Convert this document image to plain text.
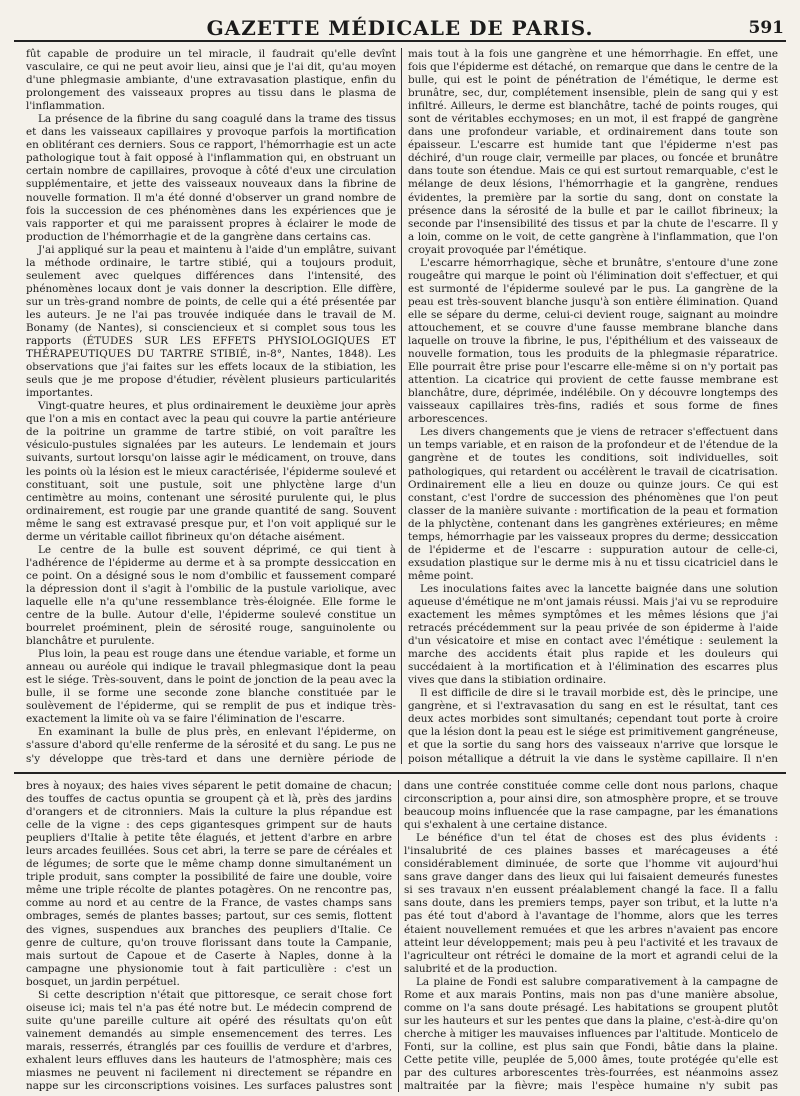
GAZETTE MÉDICALE DE PARIS.	591

fût capable de produire un tel miracle, il faudrait qu'elle devînt vasculaire, ce qui ne peut avoir lieu, ainsi que je l'ai dit, qu'au moyen d'une phlegmasie ambiante, d'une extravasation plastique, enfin du prolongement des vaisseaux propres au tissu dans le plasma de l'inflammation.

La présence de la fibrine du sang coagulé dans la trame des tissus et dans les vaisseaux capillaires y provoque parfois la mortification en oblitérant ces derniers. Sous ce rapport, l'hémorrhagie est un acte pathologique tout à fait opposé à l'inflammation qui, en obstruant un certain nombre de capillaires, provoque à côté d'eux une circulation supplémentaire, et jette des vaisseaux nouveaux dans la fibrine de nouvelle formation. Il m'a été donné d'observer un grand nombre de fois la succession de ces phénomènes dans les expériences que je vais rapporter et qui me paraissent propres à éclairer le mode de production de l'hémorrhagie et de la gangrène dans certains cas.

J'ai appliqué sur la peau et maintenu à l'aide d'un emplâtre, suivant la méthode ordinaire, le tartre stibié, qui a toujours produit, seulement avec quelques différences dans l'intensité, des phénomènes locaux dont je vais donner la description. Elle diffère, sur un très-grand nombre de points, de celle qui a été présentée par les auteurs. Je ne l'ai pas trouvée indiquée dans le travail de M. Bonamy (de Nantes), si consciencieux et si complet sous tous les rapports (ÉTUDES SUR LES EFFETS PHYSIOLOGIQUES ET THÉRAPEUTIQUES DU TARTRE STIBIÉ, in-8°, Nantes, 1848). Les observations que j'ai faites sur les effets locaux de la stibiation, les seuls que je me propose d'étudier, révèlent plusieurs particularités importantes.

Vingt-quatre heures, et plus ordinairement le deuxième jour après que l'on a mis en contact avec la peau qui couvre la partie antérieure de la poitrine un gramme de tartre stibié, on voit paraître les vésiculo-pustules signalées par les auteurs. Le lendemain et jours suivants, surtout lorsqu'on laisse agir le médicament, on trouve, dans les points où la lésion est le mieux caractérisée, l'épiderme soulevé et constituant, soit une pustule, soit une phlyctène large d'un centimètre au moins, contenant une sérosité purulente qui, le plus ordinairement, est rougie par une grande quantité de sang. Souvent même le sang est extravasé presque pur, et l'on voit appliqué sur le derme un véritable caillot fibrineux qu'on détache aisément.

Le centre de la bulle est souvent déprimé, ce qui tient à l'adhérence de l'épiderme au derme et à sa prompte dessiccation en ce point. On a désigné sous le nom d'ombilic et faussement comparé la dépression dont il s'agit à l'ombilic de la pustule variolique, avec laquelle elle n'a qu'une ressemblance très-éloignée. Elle forme le centre de la bulle. Autour d'elle, l'épiderme soulevé constitue un bourrelet proéminent, plein de sérosité rouge, sanguinolente ou blanchâtre et purulente.

Plus loin, la peau est rouge dans une étendue variable, et forme un anneau ou auréole qui indique le travail phlegmasique dont la peau est le siége. Très-souvent, dans le point de jonction de la peau avec la bulle, il se forme une seconde zone blanche constituée par le soulèvement de l'épiderme, qui se remplit de pus et indique très-exactement la limite où va se faire l'élimination de l'escarre.

En examinant la bulle de plus près, en enlevant l'épiderme, on s'assure d'abord qu'elle renferme de la sérosité et du sang. Le pus ne s'y développe que très-tard et dans une dernière période de

mais tout à la fois une gangrène et une hémorrhagie. En effet, une fois que l'épiderme est détaché, on remarque que dans le centre de la bulle, qui est le point de pénétration de l'émétique, le derme est brunâtre, sec, dur, complétement insensible, plein de sang qui y est infiltré. Ailleurs, le derme est blanchâtre, taché de points rouges, qui sont de véritables ecchymoses; en un mot, il est frappé de gangrène dans une profondeur variable, et ordinairement dans toute son épaisseur. L'escarre est humide tant que l'épiderme n'est pas déchiré, d'un rouge clair, vermeille par places, ou foncée et brunâtre dans toute son étendue. Mais ce qui est surtout remarquable, c'est le mélange de deux lésions, l'hémorrhagie et la gangrène, rendues évidentes, la première par la sortie du sang, dont on constate la présence dans la sérosité de la bulle et par le caillot fibrineux; la seconde par l'insensibilité des tissus et par la chute de l'escarre. Il y a loin, comme on le voit, de cette gangrène à l'inflammation, que l'on croyait provoquée par l'émétique.

L'escarre hémorrhagique, sèche et brunâtre, s'entoure d'une zone rougeâtre qui marque le point où l'élimination doit s'effectuer, et qui est surmonté de l'épiderme soulevé par le pus. La gangrène de la peau est très-souvent blanche jusqu'à son entière élimination. Quand elle se sépare du derme, celui-ci devient rouge, saignant au moindre attouchement, et se couvre d'une fausse membrane blanche dans laquelle on trouve la fibrine, le pus, l'épithélium et des vaisseaux de nouvelle formation, tous les produits de la phlegmasie réparatrice. Elle pourrait être prise pour l'escarre elle-même si on n'y portait pas attention. La cicatrice qui provient de cette fausse membrane est blanchâtre, dure, déprimée, indélébile. On y découvre longtemps des vaisseaux capillaires très-fins, radiés et sous forme de fines arborescences.

Les divers changements que je viens de retracer s'effectuent dans un temps variable, et en raison de la profondeur et de l'étendue de la gangrène et de toutes les conditions, soit individuelles, soit pathologiques, qui retardent ou accélèrent le travail de cicatrisation. Ordinairement elle a lieu en douze ou quinze jours. Ce qui est constant, c'est l'ordre de succession des phénomènes que l'on peut classer de la manière suivante : mortification de la peau et formation de la phlyctène, contenant dans les gangrènes extérieures; en même temps, hémorrhagie par les vaisseaux propres du derme; dessiccation de l'épiderme et de l'escarre : suppuration autour de celle-ci, exsudation plastique sur le derme mis à nu et tissu cicatriciel dans le même point.

Les inoculations faites avec la lancette baignée dans une solution aqueuse d'émétique ne m'ont jamais réussi. Mais j'ai vu se reproduire exactement les mêmes symptômes et les mêmes lésions que j'ai retracés précédemment sur la peau privée de son épiderme à l'aide d'un vésicatoire et mise en contact avec l'émétique : seulement la marche des accidents était plus rapide et les douleurs qui succédaient à la mortification et à l'élimination des escarres plus vives que dans la stibiation ordinaire.

Il est difficile de dire si le travail morbide est, dès le principe, une gangrène, et si l'extravasation du sang en est le résultat, tant ces deux actes morbides sont simultanés; cependant tout porte à croire que la lésion dont la peau est le siége est primitivement gangréneuse, et que la sortie du sang hors des vaisseaux n'arrive que lorsque le poison métallique a détruit la vie dans le système capillaire. Il n'en

bres à noyaux; des haies vives séparent le petit domaine de chacun; des touffes de cactus opuntia se groupent çà et là, près des jardins d'orangers et de citronniers. Mais la culture la plus répandue est celle de la vigne : des ceps gigantesques grimpent sur de hauts peupliers d'Italie à petite tête élagués, et jettent d'arbre en arbre leurs arcades feuillées. Sous cet abri, la terre se pare de céréales et de légumes; de sorte que le même champ donne simultanément un triple produit, sans compter la possibilité de faire une double, voire même une triple récolte de plantes potagères. On ne rencontre pas, comme au nord et au centre de la France, de vastes champs sans ombrages, semés de plantes basses; partout, sur ces semis, flottent des vignes, suspendues aux branches des peupliers d'Italie. Ce genre de culture, qu'on trouve florissant dans toute la Campanie, mais surtout de Capoue et de Caserte à Naples, donne à la campagne une physionomie tout à fait particulière : c'est un bosquet, un jardin perpétuel.

Si cette description n'était que pittoresque, ce serait chose fort oiseuse ici; mais tel n'a pas été notre but. Le médecin comprend de suite qu'une pareille culture ait opéré des résultats qu'on eût vainement demandés au simple ensemencement des terres. Les marais, resserrés, étranglés par ces fouillis de verdure et d'arbres, exhalent leurs effluves dans les hauteurs de l'atmosphère; mais ces miasmes ne peuvent ni facilement ni directement se répandre en nappe sur les circonscriptions voisines. Les surfaces palustres sont

dans une contrée constituée comme celle dont nous parlons, chaque circonscription a, pour ainsi dire, son atmosphère propre, et se trouve beaucoup moins influencée que la rase campagne, par les émanations qui s'exhalent à une certaine distance.

Le bénéfice d'un tel état de choses est des plus évidents : l'insalubrité de ces plaines basses et marécageuses a été considérablement diminuée, de sorte que l'homme vit aujourd'hui sans grave danger dans des lieux qui lui faisaient demeurés funestes si ses travaux n'en eussent préalablement changé la face. Il a fallu sans doute, dans les premiers temps, payer son tribut, et la lutte n'a pas été tout d'abord à l'avantage de l'homme, alors que les terres étaient nouvellement remuées et que les arbres n'avaient pas encore atteint leur développement; mais peu à peu l'activité et les travaux de l'agriculteur ont rétréci le domaine de la mort et agrandi celui de la salubrité et de la production.

La plaine de Fondi est salubre comparativement à la campagne de Rome et aux marais Pontins, mais non pas d'une manière absolue, comme on l'a sans doute présagé. Les habitations se groupent plutôt sur les hauteurs et sur les pentes que dans la plaine, c'est-à-dire qu'on cherche à mitiger les mauvaises influences par l'altitude. Monticelo de Fonti, sur la colline, est plus sain que Fondi, bâtie dans la plaine. Cette petite ville, peuplée de 5,000 âmes, toute protégée qu'elle est par des cultures arborescentes très-fourrées, est néanmoins assez maltraitée par la fièvre; mais l'espèce humaine n'y subit pas
